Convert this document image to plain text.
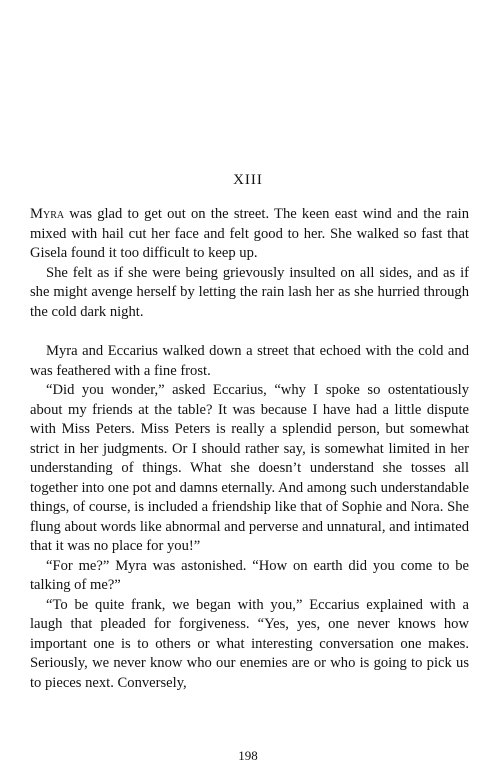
XIII

Myra was glad to get out on the street. The keen east wind and the rain mixed with hail cut her face and felt good to her. She walked so fast that Gisela found it too difficult to keep up.

She felt as if she were being grievously insulted on all sides, and as if she might avenge herself by letting the rain lash her as she hurried through the cold dark night.

Myra and Eccarius walked down a street that echoed with the cold and was feathered with a fine frost.

“Did you wonder,” asked Eccarius, “why I spoke so ostentatiously about my friends at the table? It was because I have had a little dispute with Miss Peters. Miss Peters is really a splendid person, but somewhat strict in her judgments. Or I should rather say, is somewhat limited in her understanding of things. What she doesn’t understand she tosses all together into one pot and damns eternally. And among such understandable things, of course, is included a friendship like that of Sophie and Nora. She flung about words like abnormal and perverse and unnatural, and intimated that it was no place for you!”

“For me?” Myra was astonished. “How on earth did you come to be talking of me?”

“To be quite frank, we began with you,” Eccarius explained with a laugh that pleaded for forgiveness. “Yes, yes, one never knows how important one is to others or what interesting conversation one makes. Seriously, we never know who our enemies are or who is going to pick us to pieces next. Conversely,

198
